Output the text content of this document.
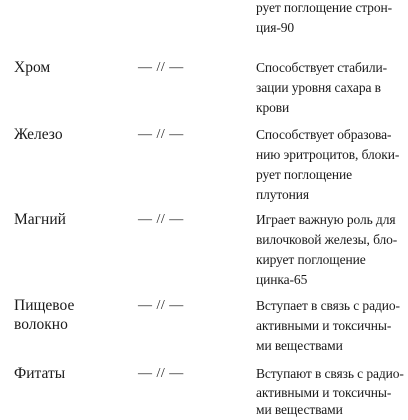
рует поглощение строн-
ция-90
Хром	— // —	Способствует стабили-
зации уровня сахара в
крови
Железо	— // —	Способствует образова-
нию эритроцитов, блоки-
рует поглощение
плутония
Магний	— // —	Играет важную роль для
вилочковой железы, бло-
кирует поглощение
цинка-65
Пищевое
волокно
— // —	Вступает в связь с радио-
активными и токсичны-
ми веществами
Фитаты	— // —	Вступают в связь с радио-
активными и токсичны-
ми веществами
